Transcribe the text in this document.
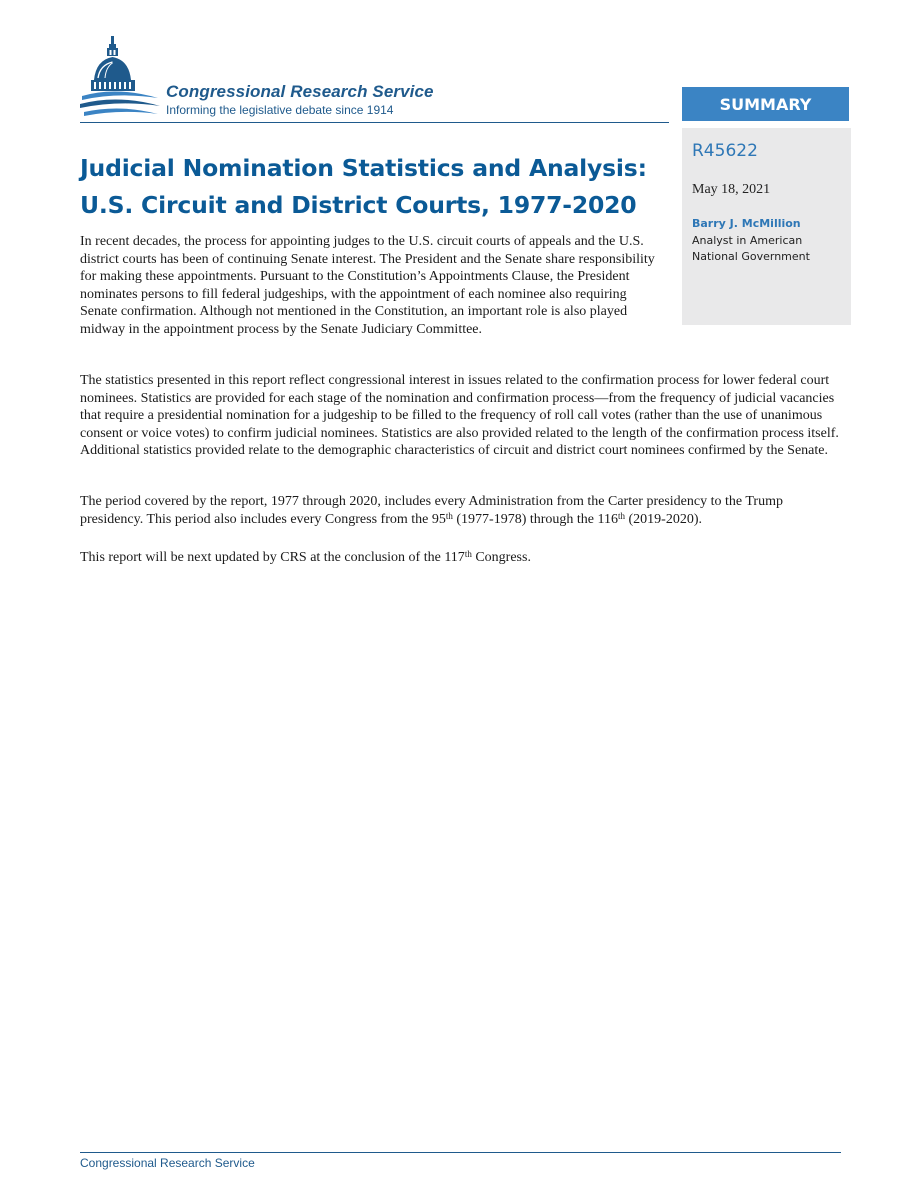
Congressional Research Service
Informing the legislative debate since 1914	SUMMARY
R45622
May 18, 2021
Barry J. McMillion
Analyst in American National Government
Judicial Nomination Statistics and Analysis:
U.S. Circuit and District Courts, 1977-2020

In recent decades, the process for appointing judges to the U.S. circuit courts of appeals and the U.S. district courts has been of continuing Senate interest. The President and the Senate share responsibility for making these appointments. Pursuant to the Constitution’s Appointments Clause, the President nominates persons to fill federal judgeships, with the appointment of each nominee also requiring Senate confirmation. Although not mentioned in the Constitution, an important role is also played midway in the appointment process by the Senate Judiciary Committee.

The statistics presented in this report reflect congressional interest in issues related to the confirmation process for lower federal court nominees. Statistics are provided for each stage of the nomination and confirmation process—from the frequency of judicial vacancies that require a presidential nomination for a judgeship to be filled to the frequency of roll call votes (rather than the use of unanimous consent or voice votes) to confirm judicial nominees. Statistics are also provided related to the length of the confirmation process itself. Additional statistics provided relate to the demographic characteristics of circuit and district court nominees confirmed by the Senate.

The period covered by the report, 1977 through 2020, includes every Administration from the Carter presidency to the Trump presidency. This period also includes every Congress from the 95th (1977-1978) through the 116th (2019-2020).

This report will be next updated by CRS at the conclusion of the 117th Congress.

Congressional Research Service
